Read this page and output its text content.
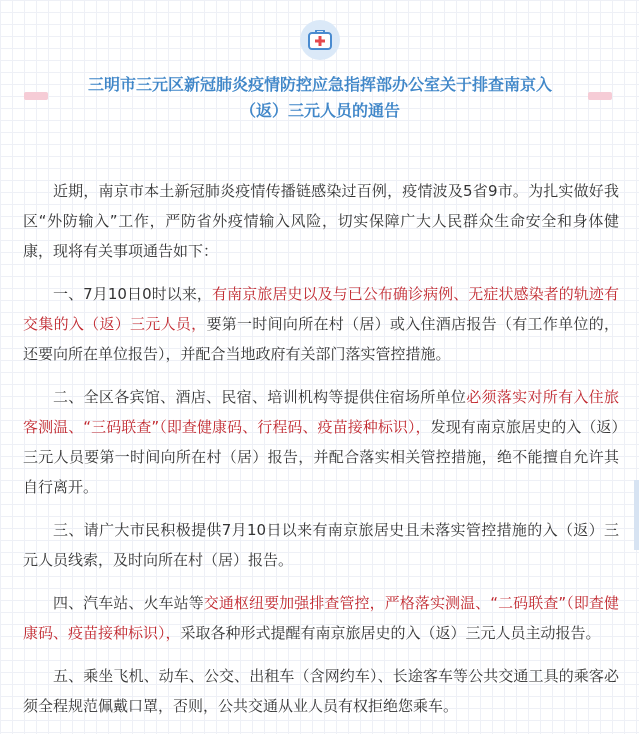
三明市三元区新冠肺炎疫情防控应急指挥部办公室关于排查南京入
（返）三元人员的通告

近期，南京市本土新冠肺炎疫情传播链感染过百例，疫情波及5省9市。为扎实做好我区“外防输入”工作，严防省外疫情输入风险，切实保障广大人民群众生命安全和身体健康，现将有关事项通告如下：

一、7月10日0时以来，有南京旅居史以及与已公布确诊病例、无症状感染者的轨迹有交集的入（返）三元人员，要第一时间向所在村（居）或入住酒店报告（有工作单位的，还要向所在单位报告），并配合当地政府有关部门落实管控措施。

二、全区各宾馆、酒店、民宿、培训机构等提供住宿场所单位必须落实对所有入住旅客测温、“三码联查”（即查健康码、行程码、疫苗接种标识），发现有南京旅居史的入（返）三元人员要第一时间向所在村（居）报告，并配合落实相关管控措施，绝不能擅自允许其自行离开。

三、请广大市民积极提供7月10日以来有南京旅居史且未落实管控措施的入（返）三元人员线索，及时向所在村（居）报告。

四、汽车站、火车站等交通枢纽要加强排查管控，严格落实测温、“二码联查”（即查健康码、疫苗接种标识），采取各种形式提醒有南京旅居史的入（返）三元人员主动报告。

五、乘坐飞机、动车、公交、出租车（含网约车）、长途客车等公共交通工具的乘客必须全程规范佩戴口罩，否则，公共交通从业人员有权拒绝您乘车。
